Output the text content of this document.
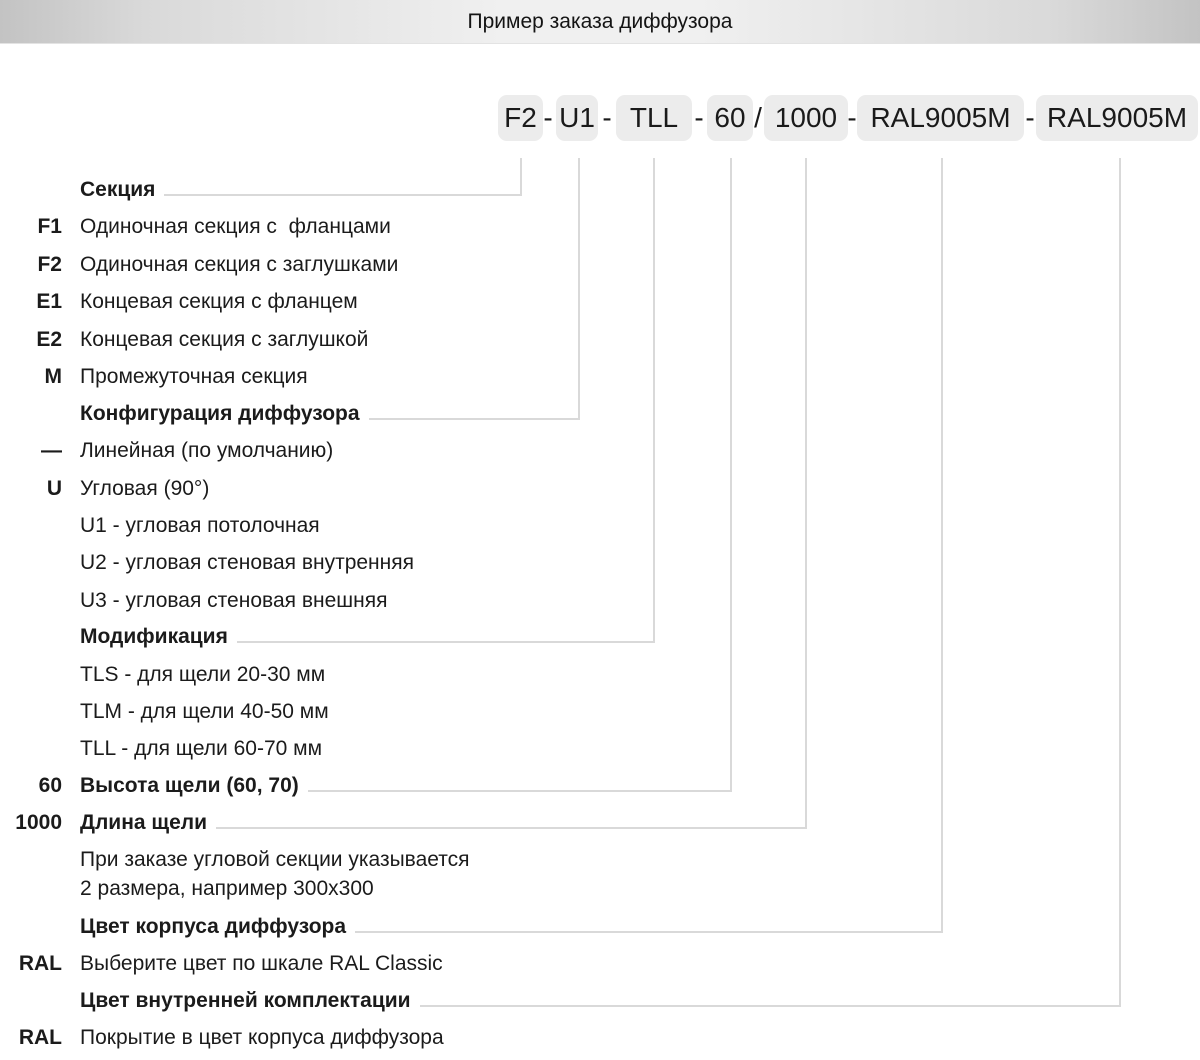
Пример заказа диффузора
F2 - U1 - TLL - 60 / 1000 - RAL9005M - RAL9005M
Секция
F1 Одиночная секция с  фланцами
F2 Одиночная секция с заглушками
E1 Концевая секция с фланцем
E2 Концевая секция с заглушкой
M Промежуточная секция
Конфигурация диффузора
— Линейная (по умолчанию)
U Угловая (90°)
U1 - угловая потолочная
U2 - угловая стеновая внутренняя
U3 - угловая стеновая внешняя
Модификация
TLS - для щели 20-30 мм
TLM - для щели 40-50 мм
TLL - для щели 60-70 мм
60 Высота щели (60, 70)
1000 Длина щели
При заказе угловой секции указывается
2 размера, например 300x300
Цвет корпуса диффузора
RAL Выберите цвет по шкале RAL Classic
Цвет внутренней комплектации
RAL Покрытие в цвет корпуса диффузора
